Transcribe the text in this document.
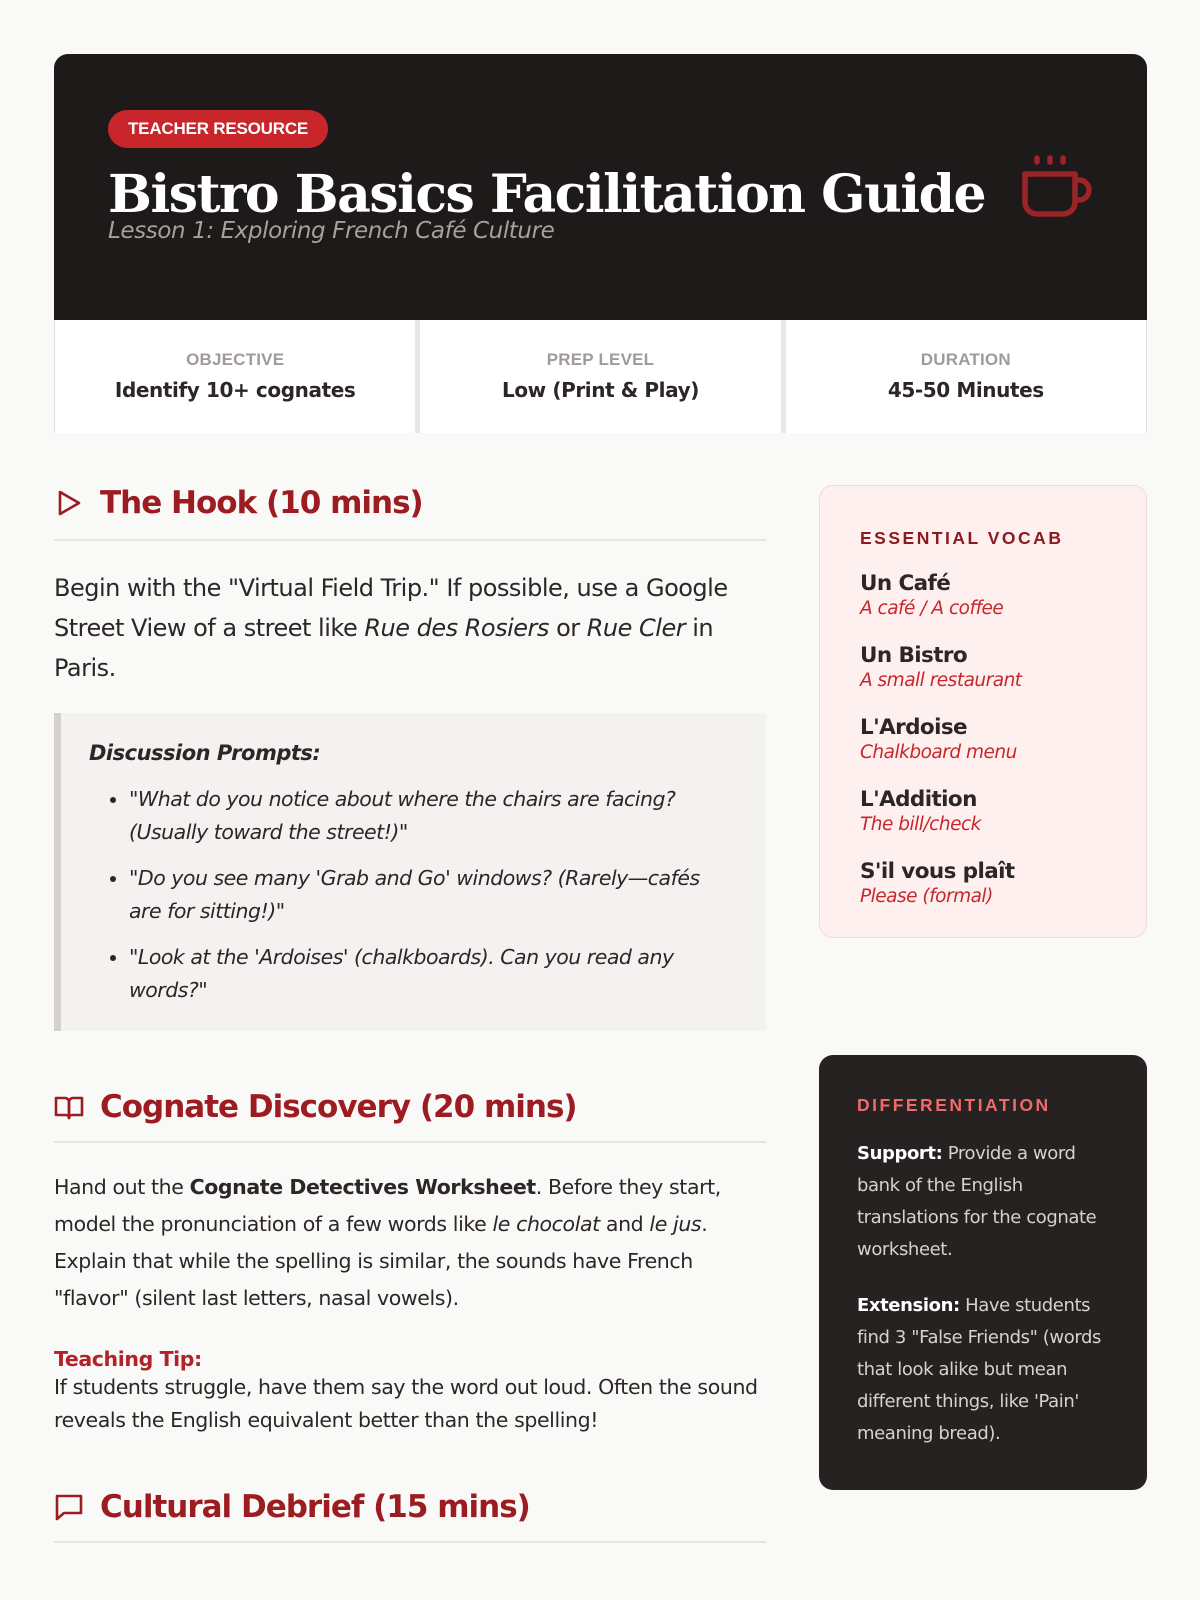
TEACHER RESOURCE
Bistro Basics Facilitation Guide
Lesson 1: Exploring French Café Culture
OBJECTIVE
Identify 10+ cognates
PREP LEVEL
Low (Print & Play)
DURATION
45-50 Minutes
The Hook (10 mins)

Begin with the "Virtual Field Trip." If possible, use a Google Street View of a street like Rue des Rosiers or Rue Cler in Paris.

Discussion Prompts:
• "What do you notice about where the chairs are facing? (Usually toward the street!)"
• "Do you see many 'Grab and Go' windows? (Rarely—cafés are for sitting!)"
• "Look at the 'Ardoises' (chalkboards). Can you read any words?"
Cognate Discovery (20 mins)

Hand out the Cognate Detectives Worksheet. Before they start, model the pronunciation of a few words like le chocolat and le jus. Explain that while the spelling is similar, the sounds have French "flavor" (silent last letters, nasal vowels).

Teaching Tip:
If students struggle, have them say the word out loud. Often the sound reveals the English equivalent better than the spelling!
Cultural Debrief (15 mins)
ESSENTIAL VOCAB
Un Café
A café / A coffee
Un Bistro
A small restaurant
L'Ardoise
Chalkboard menu
L'Addition
The bill/check
S'il vous plaît
Please (formal)
DIFFERENTIATION

Support: Provide a word bank of the English translations for the cognate worksheet.

Extension: Have students find 3 "False Friends" (words that look alike but mean different things, like 'Pain' meaning bread).
